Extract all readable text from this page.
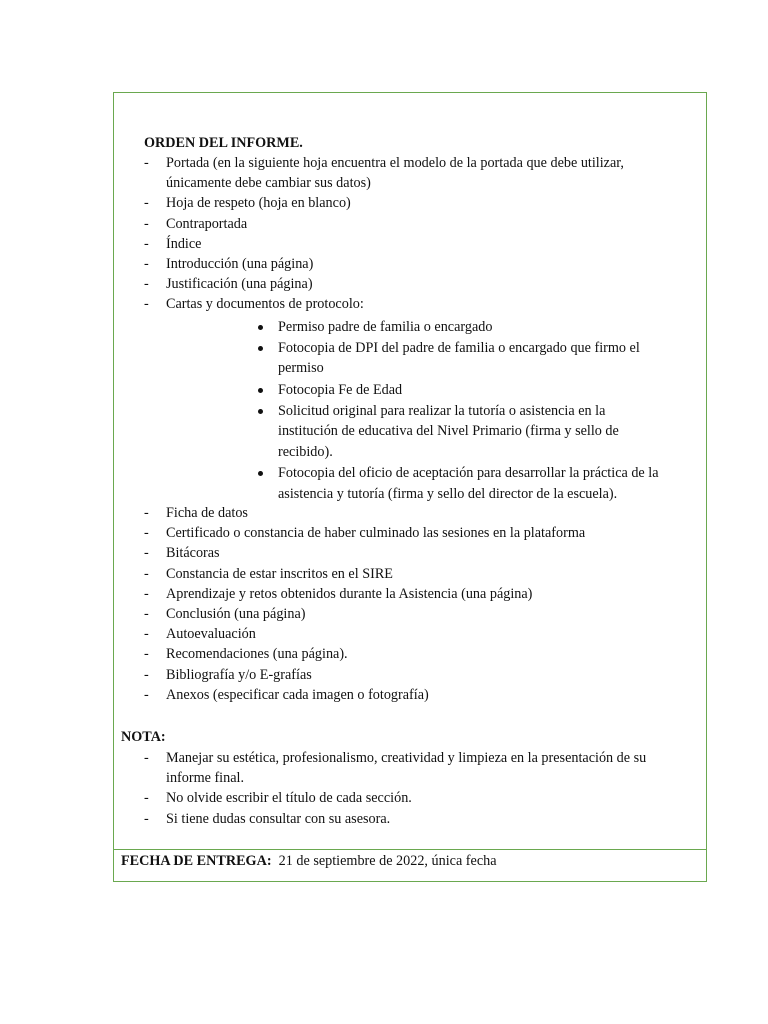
ORDEN DEL INFORME.
- Portada (en la siguiente hoja encuentra el modelo de la portada que debe utilizar, únicamente debe cambiar sus datos)
- Hoja de respeto (hoja en blanco)
- Contraportada
- Índice
- Introducción (una página)
- Justificación (una página)
- Cartas y documentos de protocolo:
Permiso padre de familia o encargado
Fotocopia de DPI del padre de familia o encargado que firmo el permiso
Fotocopia Fe de Edad
Solicitud original para realizar la tutoría o asistencia en la institución de educativa del Nivel Primario (firma y sello de recibido).
Fotocopia del oficio de aceptación para desarrollar la práctica de la asistencia y tutoría (firma y sello del director de la escuela).
- Ficha de datos
- Certificado o constancia de haber culminado las sesiones en la plataforma
- Bitácoras
- Constancia de estar inscritos en el SIRE
- Aprendizaje y retos obtenidos durante la Asistencia (una página)
- Conclusión (una página)
- Autoevaluación
- Recomendaciones (una página).
- Bibliografía y/o E-grafías
- Anexos (especificar cada imagen o fotografía)
NOTA:
- Manejar su estética, profesionalismo, creatividad y limpieza en la presentación de su informe final.
- No olvide escribir el título de cada sección.
- Si tiene dudas consultar con su asesora.
FECHA DE ENTREGA: 21 de septiembre de 2022, única fecha
